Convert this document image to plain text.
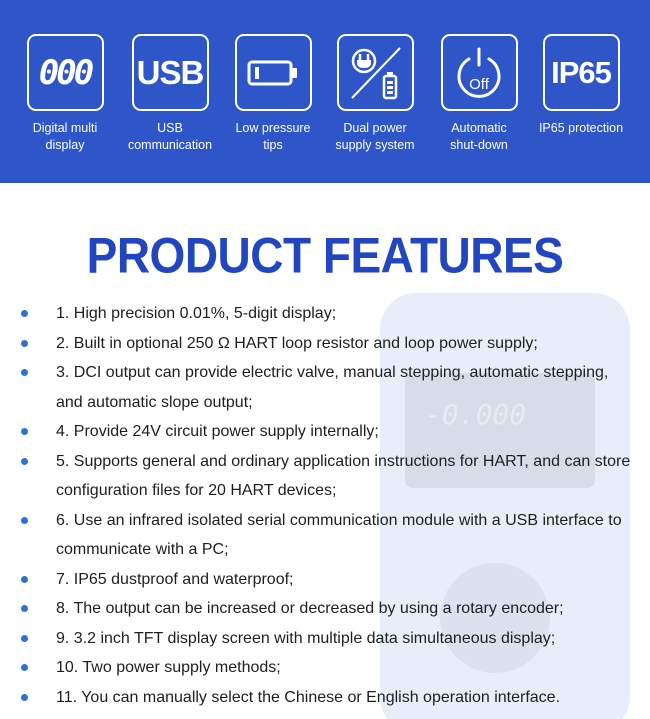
000
Digital multi
display
USB
USB
communication
Low pressure
tips
Dual power
supply system
Off
Automatic
shut-down
IP65
IP65 protection
-0.000
PRODUCT FEATURES
1. High precision 0.01%, 5-digit display;
2. Built in optional 250 Ω HART loop resistor and loop power supply;
3. DCI output can provide electric valve, manual stepping, automatic stepping, and automatic slope output;
4. Provide 24V circuit power supply internally;
5. Supports general and ordinary application instructions for HART, and can store configuration files for 20 HART devices;
6. Use an infrared isolated serial communication module with a USB interface to communicate with a PC;
7. IP65 dustproof and waterproof;
8. The output can be increased or decreased by using a rotary encoder;
9. 3.2 inch TFT display screen with multiple data simultaneous display;
10. Two power supply methods;
11. You can manually select the Chinese or English operation interface.
